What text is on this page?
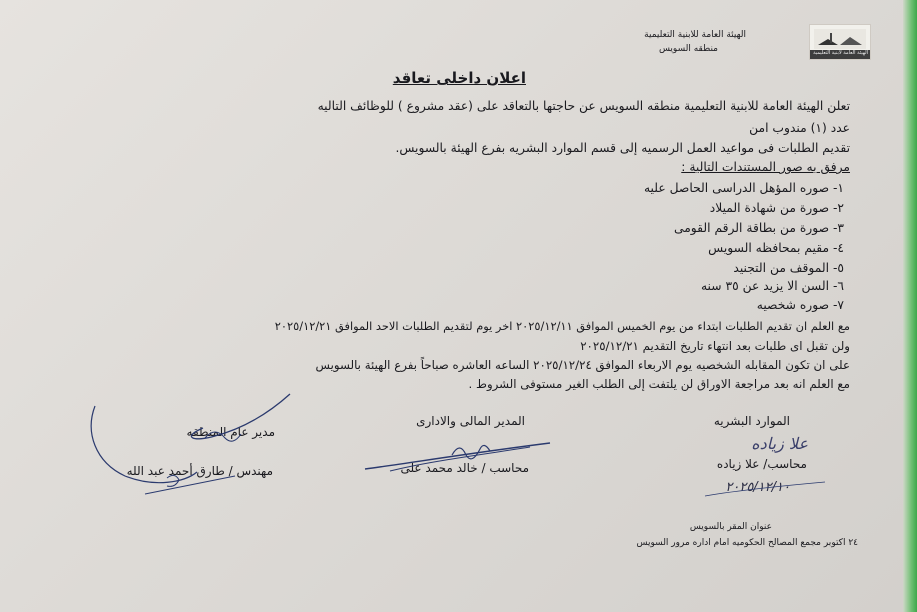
الهيئة العامة لأبنية التعليمية
الهيئة العامة للابنية التعليمية
منطقه السويس
اعلان داخلى تعاقد
تعلن الهيئة العامة للابنية التعليمية منطقه السويس عن حاجتها بالتعاقد على (عقد مشروع ) للوظائف التاليه
عدد (١) مندوب امن
تقديم الطلبات فى مواعيد العمل الرسميه إلى قسم الموارد البشريه بفرع الهيئة بالسويس.
مرفق به صور المستندات التالية :
١- صوره المؤهل الدراسى الحاصل عليه
٢- صورة من شهادة الميلاد
٣- صورة من بطاقة الرقم القومى
٤- مقيم بمحافظه السويس
٥- الموقف من التجنيد
٦- السن الا يزيد عن ٣٥ سنه
٧- صوره شخصيه
مع العلم ان تقديم الطلبات ابتداء من يوم الخميس الموافق ٢٠٢٥/١٢/١١ اخر يوم لتقديم الطلبات الاحد الموافق ٢٠٢٥/١٢/٢١
ولن تقبل اى طلبات بعد انتهاء تاريخ التقديم ٢٠٢٥/١٢/٢١
على ان تكون المقابله الشخصيه يوم الاربعاء الموافق ٢٠٢٥/١٢/٢٤ الساعه العاشره صباحاً بفرع الهيئة بالسويس
مع العلم انه بعد مراجعة الاوراق لن يلتفت إلى الطلب الغير مستوفى الشروط .
الموارد البشريه
علا زياده
محاسب/ علا زياده
٢٠٢٥/١٢/١٠
المدير المالى والادارى
محاسب / خالد محمد على
مدير عام المنطقه
مهندس / طارق أحمد عبد الله
عنوان المقر بالسويس
٢٤ اكتوبر مجمع المصالح الحكوميه امام اداره مرور السويس
